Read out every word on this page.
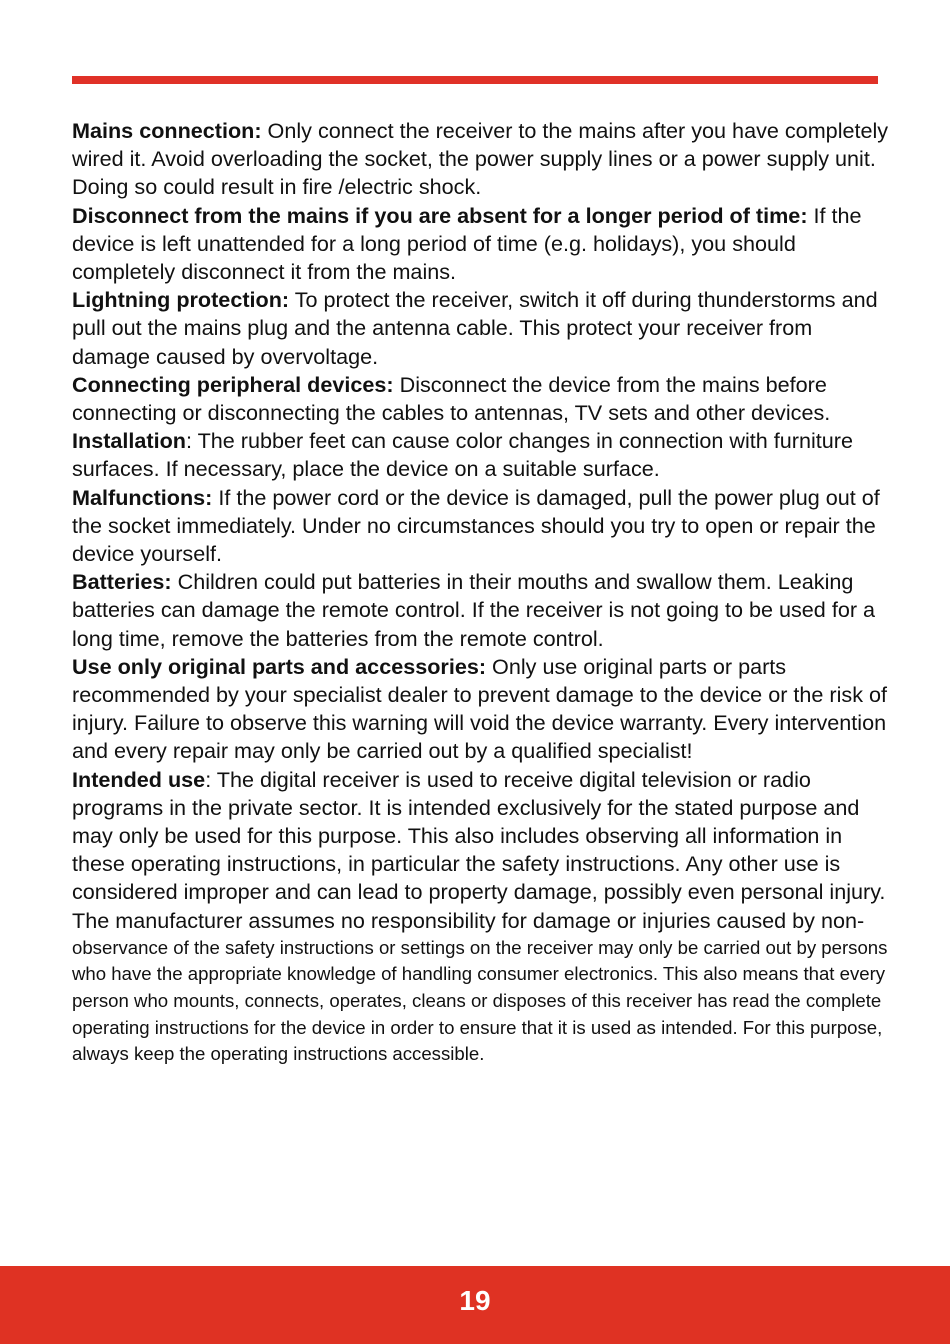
Mains connection: Only connect the receiver to the mains after you have completely wired it. Avoid overloading the socket, the power supply lines or a power supply unit. Doing so could result in fire /electric shock.

Disconnect from the mains if you are absent for a longer period of time: If the device is left unattended for a long period of time (e.g. holidays), you should completely disconnect it from the mains.

Lightning protection: To protect the receiver, switch it off during thunderstorms and pull out the mains plug and the antenna cable. This protect your receiver from damage caused by overvoltage.

Connecting peripheral devices: Disconnect the device from the mains before connecting or disconnecting the cables to antennas, TV sets and other devices.

Installation: The rubber feet can cause color changes in connection with furniture surfaces. If necessary, place the device on a suitable surface.

Malfunctions: If the power cord or the device is damaged, pull the power plug out of the socket immediately. Under no circumstances should you try to open or repair the device yourself.

Batteries: Children could put batteries in their mouths and swallow them. Leaking batteries can damage the remote control. If the receiver is not going to be used for a long time, remove the batteries from the remote control.

Use only original parts and accessories: Only use original parts or parts recommended by your specialist dealer to prevent damage to the device or the risk of injury. Failure to observe this warning will void the device warranty. Every intervention and every repair may only be carried out by a qualified specialist!

Intended use: The digital receiver is used to receive digital television or radio programs in the private sector. It is intended exclusively for the stated purpose and may only be used for this purpose. This also includes observing all information in these operating instructions, in particular the safety instructions. Any other use is considered improper and can lead to property damage, possibly even personal injury. The manufacturer assumes no responsibility for damage or injuries caused by non-

observance of the safety instructions or settings on the receiver may only be carried out by persons who have the appropriate knowledge of handling consumer electronics. This also means that every person who mounts, connects, operates, cleans or disposes of this receiver has read the complete operating instructions for the device in order to ensure that it is used as intended. For this purpose, always keep the operating instructions accessible.

19
